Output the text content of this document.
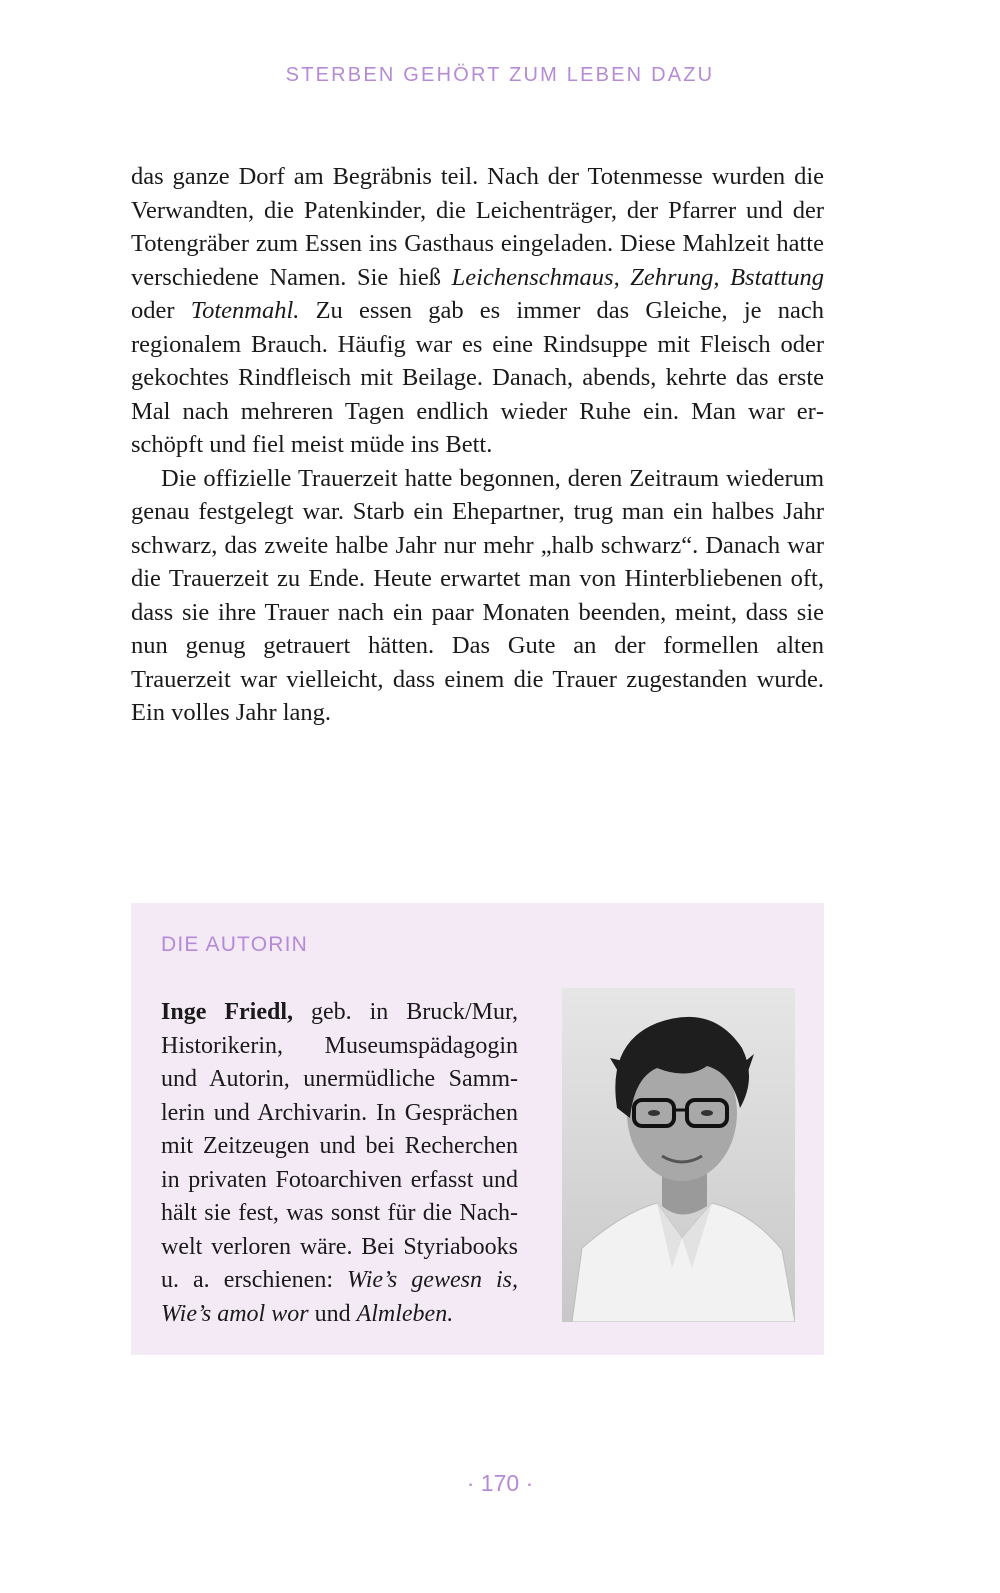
STERBEN GEHÖRT ZUM LEBEN DAZU

das ganze Dorf am Begräbnis teil. Nach der Totenmesse wurden die Verwandten, die Patenkinder, die Leichenträger, der Pfarrer und der Totengräber zum Essen ins Gasthaus eingeladen. Diese Mahlzeit hatte verschiedene Namen. Sie hieß Leichenschmaus, Zehrung, Bstattung oder Totenmahl. Zu essen gab es immer das Gleiche, je nach regionalem Brauch. Häufig war es eine Rindsuppe mit Fleisch oder gekochtes Rindfleisch mit Beilage. Danach, abends, kehrte das erste Mal nach mehreren Tagen endlich wieder Ruhe ein. Man war erschöpft und fiel meist müde ins Bett.

Die offizielle Trauerzeit hatte begonnen, deren Zeitraum wiederum genau festgelegt war. Starb ein Ehepartner, trug man ein halbes Jahr schwarz, das zweite halbe Jahr nur mehr „halb schwarz“. Danach war die Trauerzeit zu Ende. Heute erwartet man von Hinterbliebenen oft, dass sie ihre Trauer nach ein paar Monaten beenden, meint, dass sie nun genug getrauert hätten. Das Gute an der formellen alten Trauerzeit war vielleicht, dass einem die Trauer zugestanden wurde. Ein volles Jahr lang.

DIE AUTORIN

Inge Friedl, geb. in Bruck/Mur, Historikerin, Museumspädagogin und Autorin, unermüdliche Sammlerin und Archivarin. In Gesprächen mit Zeitzeugen und bei Recherchen in privaten Fotoarchiven erfasst und hält sie fest, was sonst für die Nachwelt verloren wäre. Bei Styriabooks u. a. erschienen: Wie’s gewesn is, Wie’s amol wor und Almleben.

· 170 ·
